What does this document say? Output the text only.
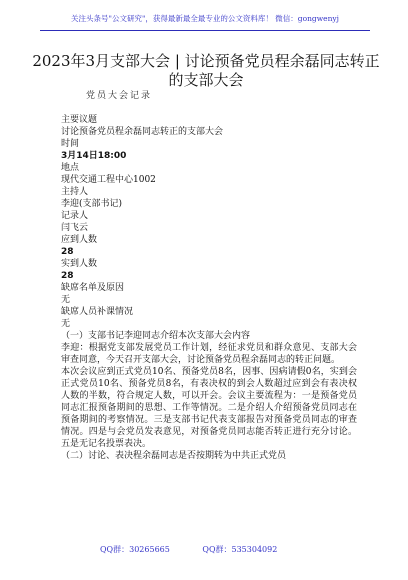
关注头条号"公文研究"，获得最新最全最专业的公文资料库！ 微信：gongwenyj
2023年3月支部大会 | 讨论预备党员程余磊同志转正的支部大会
党员大会记录
主要议题
讨论预备党员程余磊同志转正的支部大会
时间
3月14日18:00
地点
现代交通工程中心1002
主持人
李迎(支部书记)
记录人
闫飞云
应到人数
28
实到人数
28
缺席名单及原因
无
缺席人员补课情况
无
（一）支部书记李迎同志介绍本次支部大会内容
李迎：根据党支部发展党员工作计划，经征求党员和群众意见、支部大会审查同意，今天召开支部大会，讨论预备党员程余磊同志的转正问题。
本次会议应到正式党员10名、预备党员8名，因事、因病请假0名，实到会正式党员10名、预备党员8名，有表决权的到会人数超过应到会有表决权人数的半数，符合规定人数，可以开会。会议主要流程为：一是预备党员同志汇报预备期间的思想、工作等情况。二是介绍人介绍预备党员同志在预备期间的考察情况。三是支部书记代表支部报告对预备党员同志的审查情况。四是与会党员发表意见，对预备党员同志能否转正进行充分讨论。五是无记名投票表决。
（二）讨论、表决程余磊同志是否按期转为中共正式党员
QQ群：30265665	QQ群：535304092
